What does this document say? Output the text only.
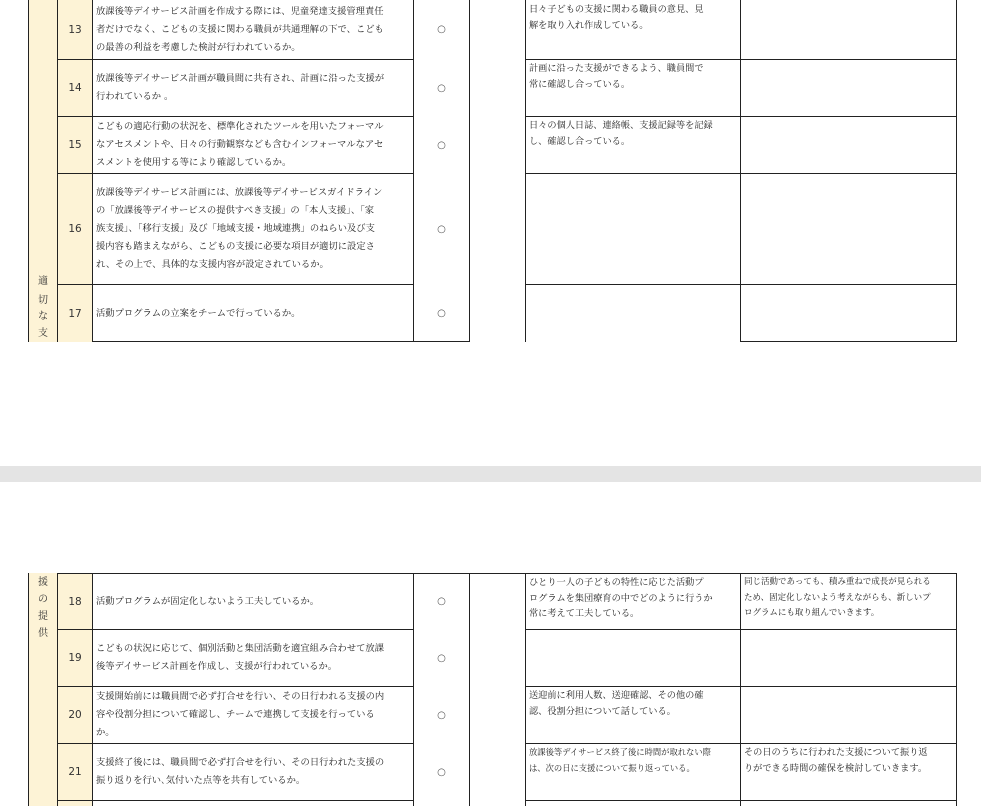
適
切
な
支
13
14
15
16
17
放課後等デイサービス計画を作成する際には、児童発達支援管理責任
者だけでなく、こどもの支援に関わる職員が共通理解の下で、こども
の最善の利益を考慮した検討が行われているか。
放課後等デイサービス計画が職員間に共有され、計画に沿った支援が
行われているか 。
こどもの適応行動の状況を、標準化されたツールを用いたフォーマル
なアセスメントや、日々の行動観察なども含むインフォーマルなアセ
スメントを使用する等により確認しているか。
放課後等デイサービス計画には、放課後等デイサービスガイドライン
の「放課後等デイサービスの提供すべき支援」の「本人支援」、「家
族支援」、「移行支援」及び「地域支援・地域連携」のねらい及び支
援内容も踏まえながら、こどもの支援に必要な項目が適切に設定さ
れ、その上で、具体的な支援内容が設定されているか。
活動プログラムの立案をチームで行っているか。
○
○
○
○
○
日々子どもの支援に関わる職員の意見、見
解を取り入れ作成している。
計画に沿った支援ができるよう、職員間で
常に確認し合っている。
日々の個人日誌、連絡帳、支援記録等を記録
し、確認し合っている。
援
の
提
供
18
19
20
21
活動プログラムが固定化しないよう工夫しているか。
こどもの状況に応じて、個別活動と集団活動を適宜組み合わせて放課
後等デイサービス計画を作成し、支援が行われているか。
支援開始前には職員間で必ず打合せを行い、その日行われる支援の内
容や役割分担について確認し、チームで連携して支援を行っている
か。
支援終了後には、職員間で必ず打合せを行い、その日行われた支援の
振り返りを行い､気付いた点等を共有しているか。
○
○
○
○
ひとり一人の子どもの特性に応じた活動プ
ログラムを集団療育の中でどのように行うか
常に考えて工夫している。
送迎前に利用人数、送迎確認、その他の確
認、役割分担について話している。
放課後等デイサービス終了後に時間が取れない際
は、次の日に支援について振り返っている。
同じ活動であっても、積み重ねで成長が見られる
ため、固定化しないよう考えながらも、新しいプ
ログラムにも取り組んでいきます。
その日のうちに行われた支援について振り返
りができる時間の確保を検討していきます。
